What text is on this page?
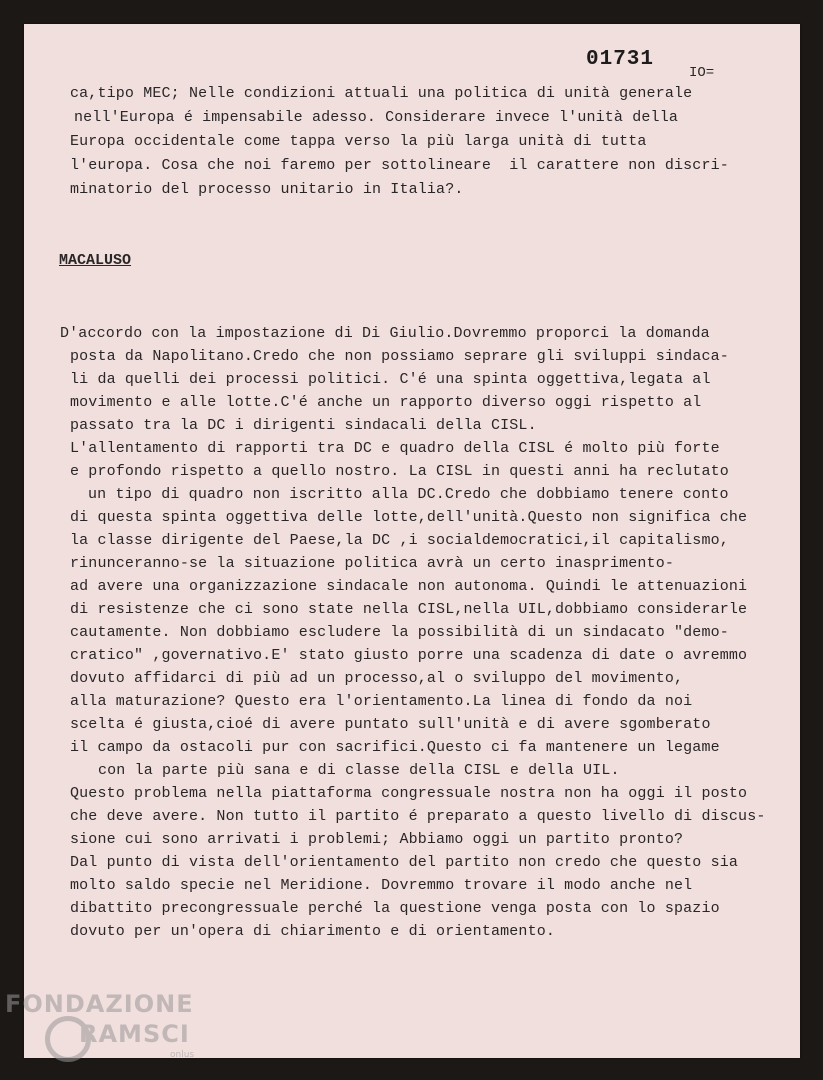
01731
IO=
ca,tipo MEC; Nelle condizioni attuali una politica di unità generale
nell'Europa é impensabile adesso. Considerare invece l'unità della
Europa occidentale come tappa verso la più larga unità di tutta
l'europa. Cosa che noi faremo per sottolineare  il carattere non discri-
minatorio del processo unitario in Italia?.
MACALUSO
D'accordo con la impostazione di Di Giulio.Dovremmo proporci la domanda
posta da Napolitano.Credo che non possiamo seprare gli sviluppi sindaca-
li da quelli dei processi politici. C'é una spinta oggettiva,legata al
movimento e alle lotte.C'é anche un rapporto diverso oggi rispetto al
passato tra la DC i dirigenti sindacali della CISL.
L'allentamento di rapporti tra DC e quadro della CISL é molto più forte
e profondo rispetto a quello nostro. La CISL in questi anni ha reclutato
un tipo di quadro non iscritto alla DC.Credo che dobbiamo tenere conto
di questa spinta oggettiva delle lotte,dell'unità.Questo non significa che
la classe dirigente del Paese,la DC ,i socialdemocratici,il capitalismo,
rinunceranno-se la situazione politica avrà un certo inasprimento-
ad avere una organizzazione sindacale non autonoma. Quindi le attenuazioni
di resistenze che ci sono state nella CISL,nella UIL,dobbiamo considerarle
cautamente. Non dobbiamo escludere la possibilità di un sindacato "demo-
cratico" ,governativo.E' stato giusto porre una scadenza di date o avremmo
dovuto affidarci di più ad un processo,al o sviluppo del movimento,
alla maturazione? Questo era l'orientamento.La linea di fondo da noi
scelta é giusta,cioé di avere puntato sull'unità e di avere sgomberato
il campo da ostacoli pur con sacrifici.Questo ci fa mantenere un legame
con la parte più sana e di classe della CISL e della UIL.
Questo problema nella piattaforma congressuale nostra non ha oggi il posto
che deve avere. Non tutto il partito é preparato a questo livello di discus-
sione cui sono arrivati i problemi; Abbiamo oggi un partito pronto?
Dal punto di vista dell'orientamento del partito non credo che questo sia
molto saldo specie nel Meridione. Dovremmo trovare il modo anche nel
dibattito precongressuale perché la questione venga posta con lo spazio
dovuto per un'opera di chiarimento e di orientamento.
FONDAZIONE
RAMSCI
onlus
